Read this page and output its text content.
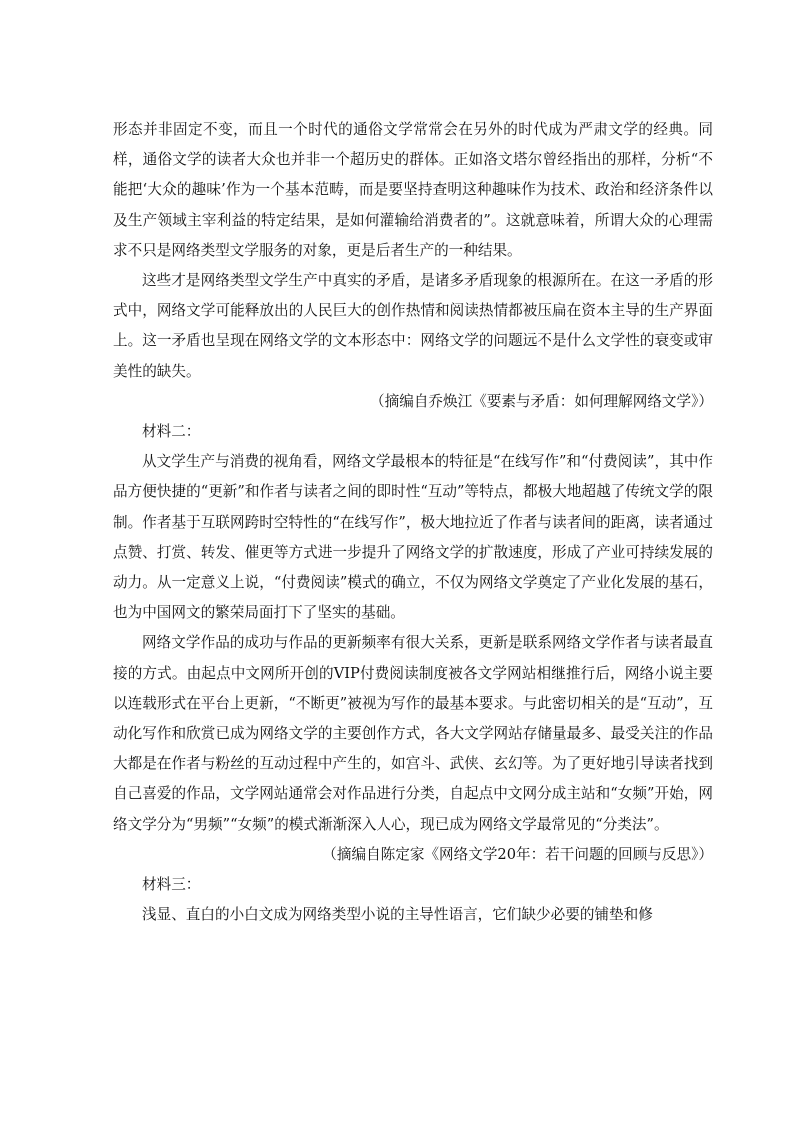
形态并非固定不变，而且一个时代的通俗文学常常会在另外的时代成为严肃文学的经典。同样，通俗文学的读者大众也并非一个超历史的群体。正如洛文塔尔曾经指出的那样，分析“不能把‘大众的趣味’作为一个基本范畴，而是要坚持查明这种趣味作为技术、政治和经济条件以及生产领域主宰利益的特定结果，是如何灌输给消费者的”。这就意味着，所谓大众的心理需求不只是网络类型文学服务的对象，更是后者生产的一种结果。

这些才是网络类型文学生产中真实的矛盾，是诸多矛盾现象的根源所在。在这一矛盾的形式中，网络文学可能释放出的人民巨大的创作热情和阅读热情都被压扁在资本主导的生产界面上。这一矛盾也呈现在网络文学的文本形态中：网络文学的问题远不是什么文学性的衰变或审美性的缺失。

（摘编自乔焕江《要素与矛盾：如何理解网络文学》）

材料二：

从文学生产与消费的视角看，网络文学最根本的特征是“在线写作”和“付费阅读”，其中作品方便快捷的“更新”和作者与读者之间的即时性“互动”等特点，都极大地超越了传统文学的限制。作者基于互联网跨时空特性的“在线写作”，极大地拉近了作者与读者间的距离，读者通过点赞、打赏、转发、催更等方式进一步提升了网络文学的扩散速度，形成了产业可持续发展的动力。从一定意义上说，“付费阅读”模式的确立，不仅为网络文学奠定了产业化发展的基石，也为中国网文的繁荣局面打下了坚实的基础。

网络文学作品的成功与作品的更新频率有很大关系，更新是联系网络文学作者与读者最直接的方式。由起点中文网所开创的VIP付费阅读制度被各文学网站相继推行后，网络小说主要以连载形式在平台上更新，“不断更”被视为写作的最基本要求。与此密切相关的是“互动”，互动化写作和欣赏已成为网络文学的主要创作方式，各大文学网站存储量最多、最受关注的作品大都是在作者与粉丝的互动过程中产生的，如宫斗、武侠、玄幻等。为了更好地引导读者找到自己喜爱的作品，文学网站通常会对作品进行分类，自起点中文网分成主站和“女频”开始，网络文学分为“男频”“女频”的模式渐渐深入人心，现已成为网络文学最常见的“分类法”。

（摘编自陈定家《网络文学20年：若干问题的回顾与反思》）

材料三：

浅显、直白的小白文成为网络类型小说的主导性语言，它们缺少必要的铺垫和修
